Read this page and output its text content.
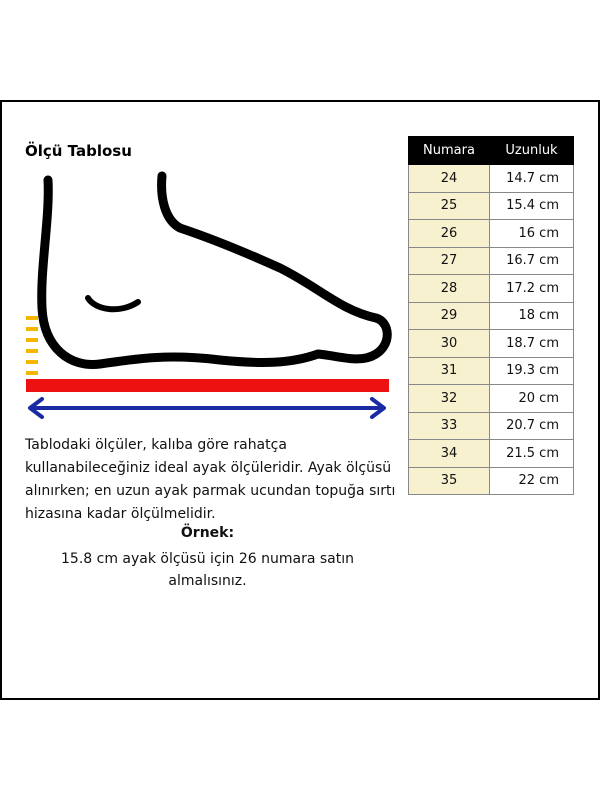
Ölçü Tablosu
Tablodaki ölçüler, kalıba göre rahatça kullanabileceğiniz ideal ayak ölçüleridir. Ayak ölçüsü alınırken; en uzun ayak parmak ucundan topuğa sırtı hizasına kadar ölçülmelidir.
Örnek:
15.8 cm ayak ölçüsü için 26 numara satın almalısınız.
Numara	Uzunluk
24	14.7 cm
25	15.4 cm
26	16 cm
27	16.7 cm
28	17.2 cm
29	18 cm
30	18.7 cm
31	19.3 cm
32	20 cm
33	20.7 cm
34	21.5 cm
35	22 cm
